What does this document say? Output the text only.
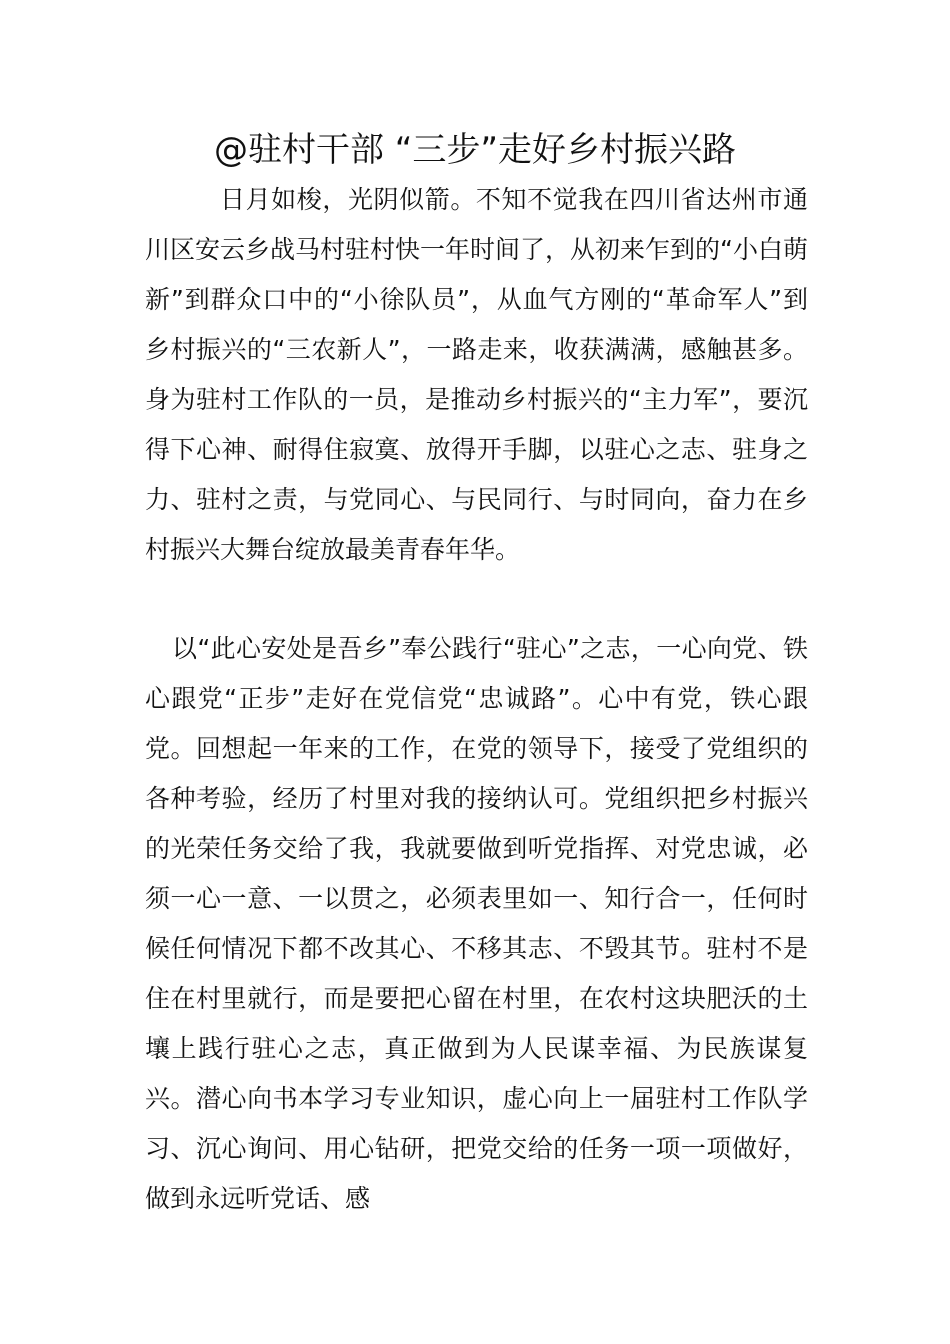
@驻村干部 “三步”走好乡村振兴路

日月如梭，光阴似箭。不知不觉我在四川省达州市通川区安云乡战马村驻村快一年时间了，从初来乍到的“小白萌新”到群众口中的“小徐队员”，从血气方刚的“革命军人”到乡村振兴的“三农新人”，一路走来，收获满满，感触甚多。身为驻村工作队的一员，是推动乡村振兴的“主力军”，要沉得下心神、耐得住寂寞、放得开手脚，以驻心之志、驻身之力、驻村之责，与党同心、与民同行、与时同向，奋力在乡村振兴大舞台绽放最美青春年华。

以“此心安处是吾乡”奉公践行“驻心”之志，一心向党、铁心跟党“正步”走好在党信党“忠诚路”。心中有党，铁心跟党。回想起一年来的工作，在党的领导下，接受了党组织的各种考验，经历了村里对我的接纳认可。党组织把乡村振兴的光荣任务交给了我，我就要做到听党指挥、对党忠诚，必须一心一意、一以贯之，必须表里如一、知行合一，任何时候任何情况下都不改其心、不移其志、不毁其节。驻村不是住在村里就行，而是要把心留在村里，在农村这块肥沃的土壤上践行驻心之志，真正做到为人民谋幸福、为民族谋复兴。潜心向书本学习专业知识，虚心向上一届驻村工作队学习、沉心询问、用心钻研，把党交给的任务一项一项做好，做到永远听党话、感
